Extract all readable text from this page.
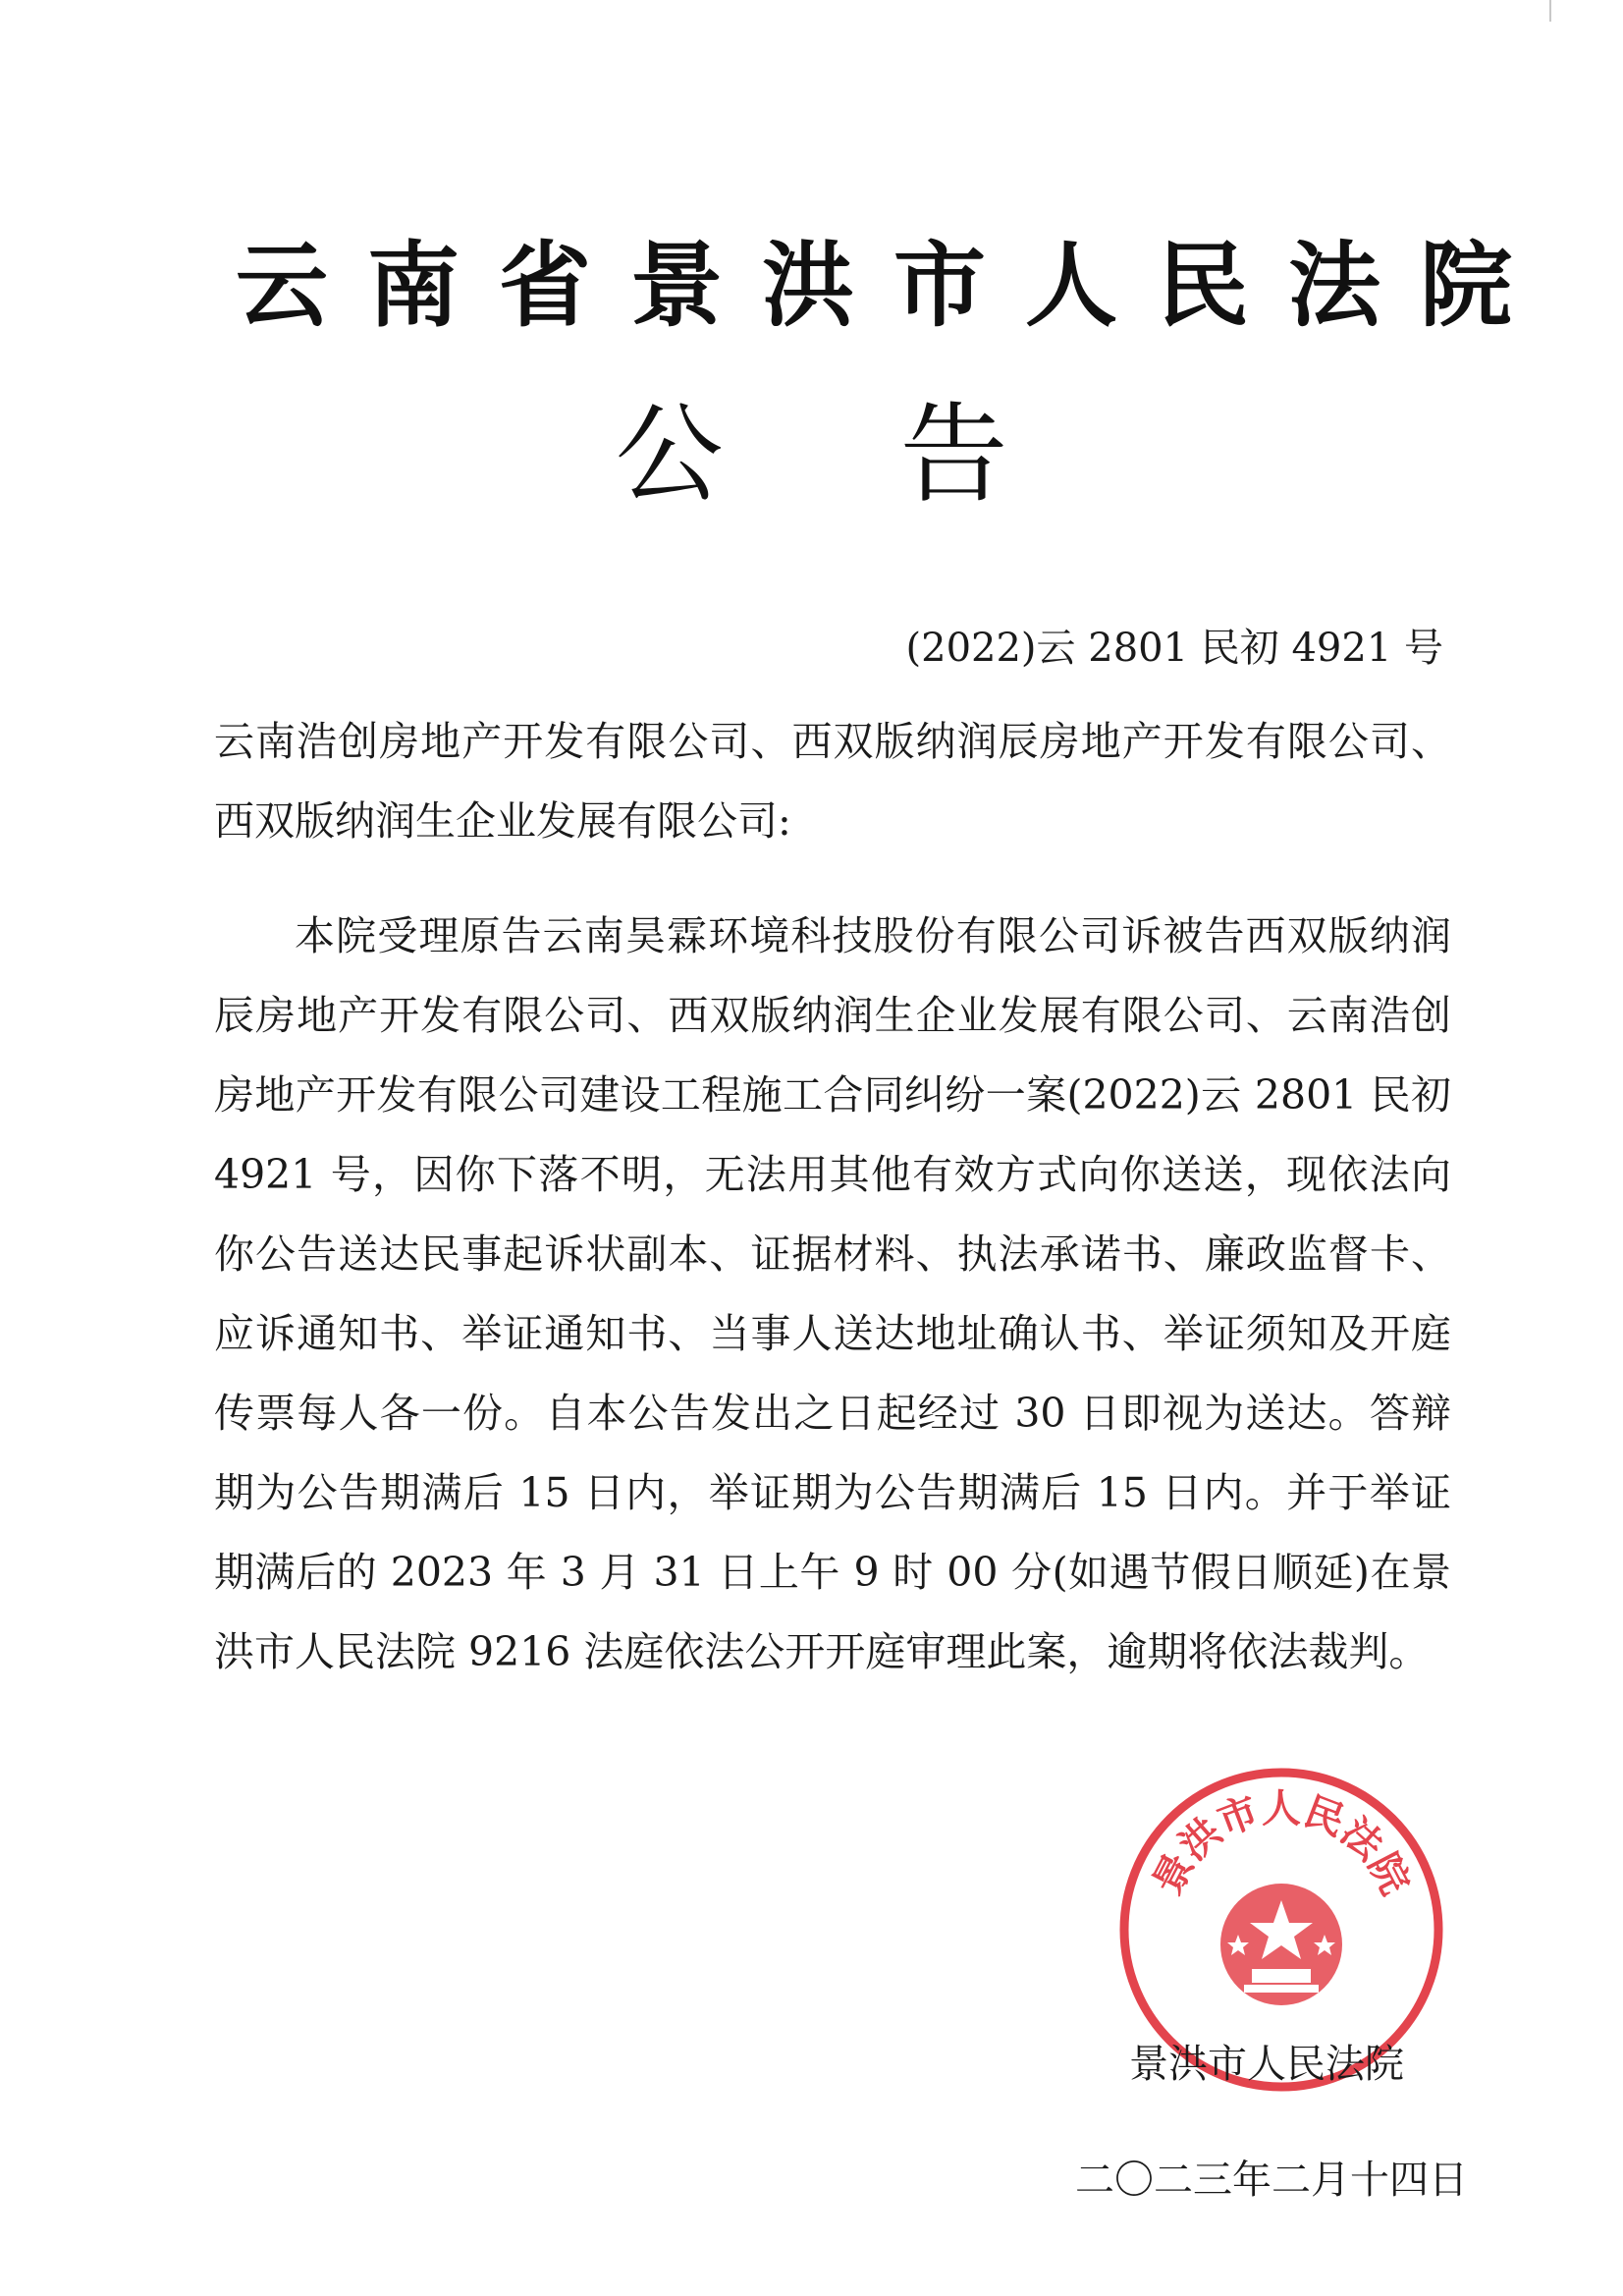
云南省景洪市人民法院
公告
(2022)云 2801 民初 4921 号

云南浩创房地产开发有限公司、西双版纳润辰房地产开发有限公司、西双版纳润生企业发展有限公司:

本院受理原告云南昊霖环境科技股份有限公司诉被告西双版纳润辰房地产开发有限公司、西双版纳润生企业发展有限公司、云南浩创房地产开发有限公司建设工程施工合同纠纷一案(2022)云 2801 民初 4921 号，因你下落不明，无法用其他有效方式向你送送，现依法向你公告送达民事起诉状副本、证据材料、执法承诺书、廉政监督卡、应诉通知书、举证通知书、当事人送达地址确认书、举证须知及开庭传票每人各一份。自本公告发出之日起经过 30 日即视为送达。答辩期为公告期满后 15 日内，举证期为公告期满后 15 日内。并于举证期满后的 2023 年 3 月 31 日上午 9 时 00 分(如遇节假日顺延)在景洪市人民法院 9216 法庭依法公开开庭审理此案，逾期将依法裁判。

景洪市人民法院
景洪市人民法院
二〇二三年二月十四日
